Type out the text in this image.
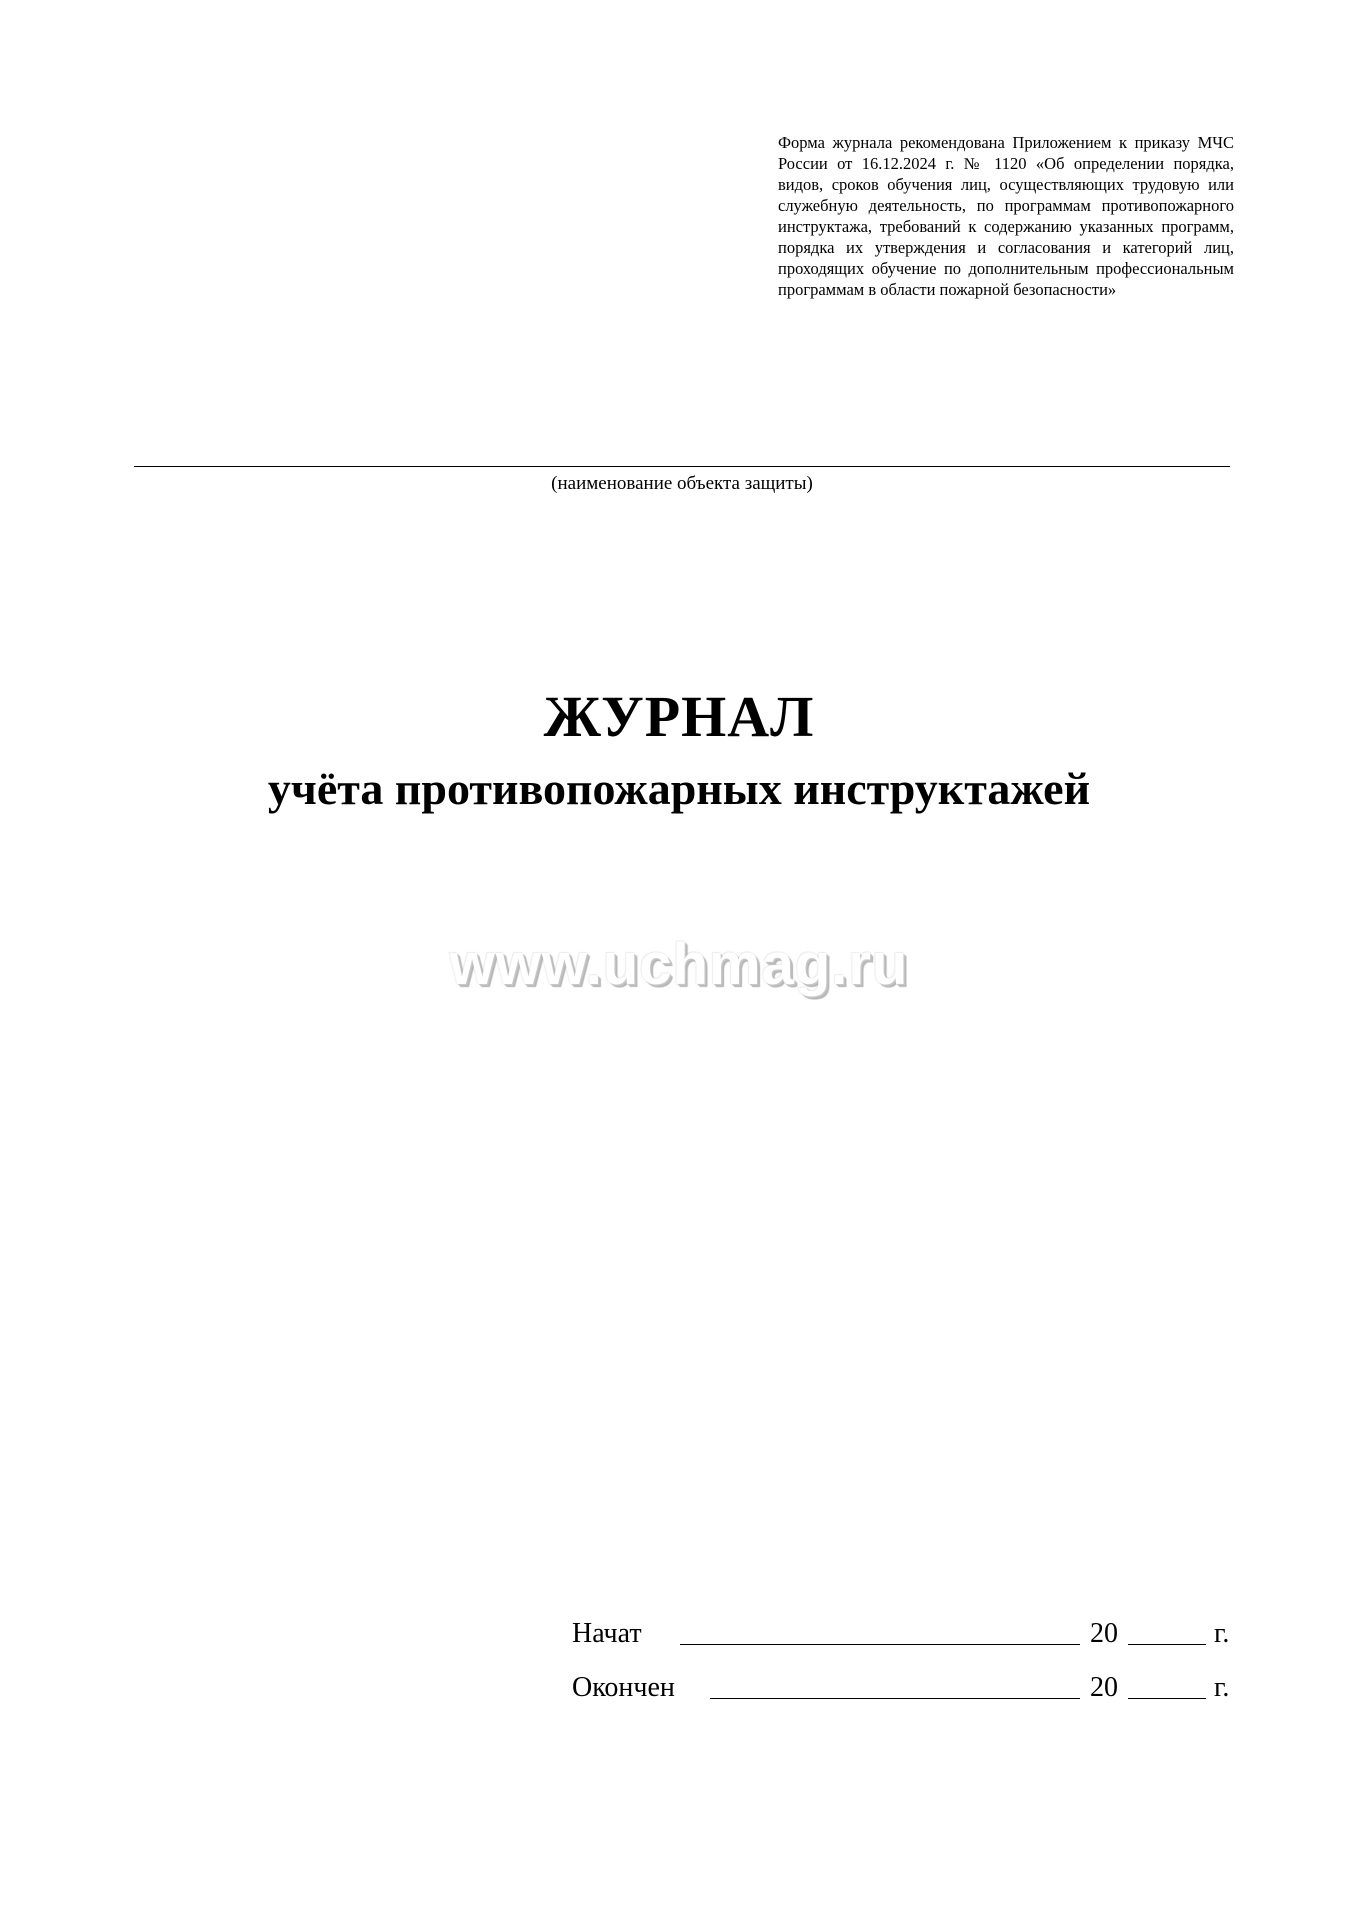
Форма журнала рекомендована Приложением к приказу МЧС России от 16.12.2024 г. № 1120 «Об определении порядка, видов, сроков обучения лиц, осуществляющих трудовую или служебную деятельность, по программам противопожарного инструктажа, требований к содержанию указанных программ, порядка их утверждения и согласования и категорий лиц, проходящих обучение по дополнительным профессиональным программам в области пожарной безопасности»
(наименование объекта защиты)
ЖУРНАЛ
учёта противопожарных инструктажей
www.uchmag.ru
Начат	20	г.
Окончен	20	г.
